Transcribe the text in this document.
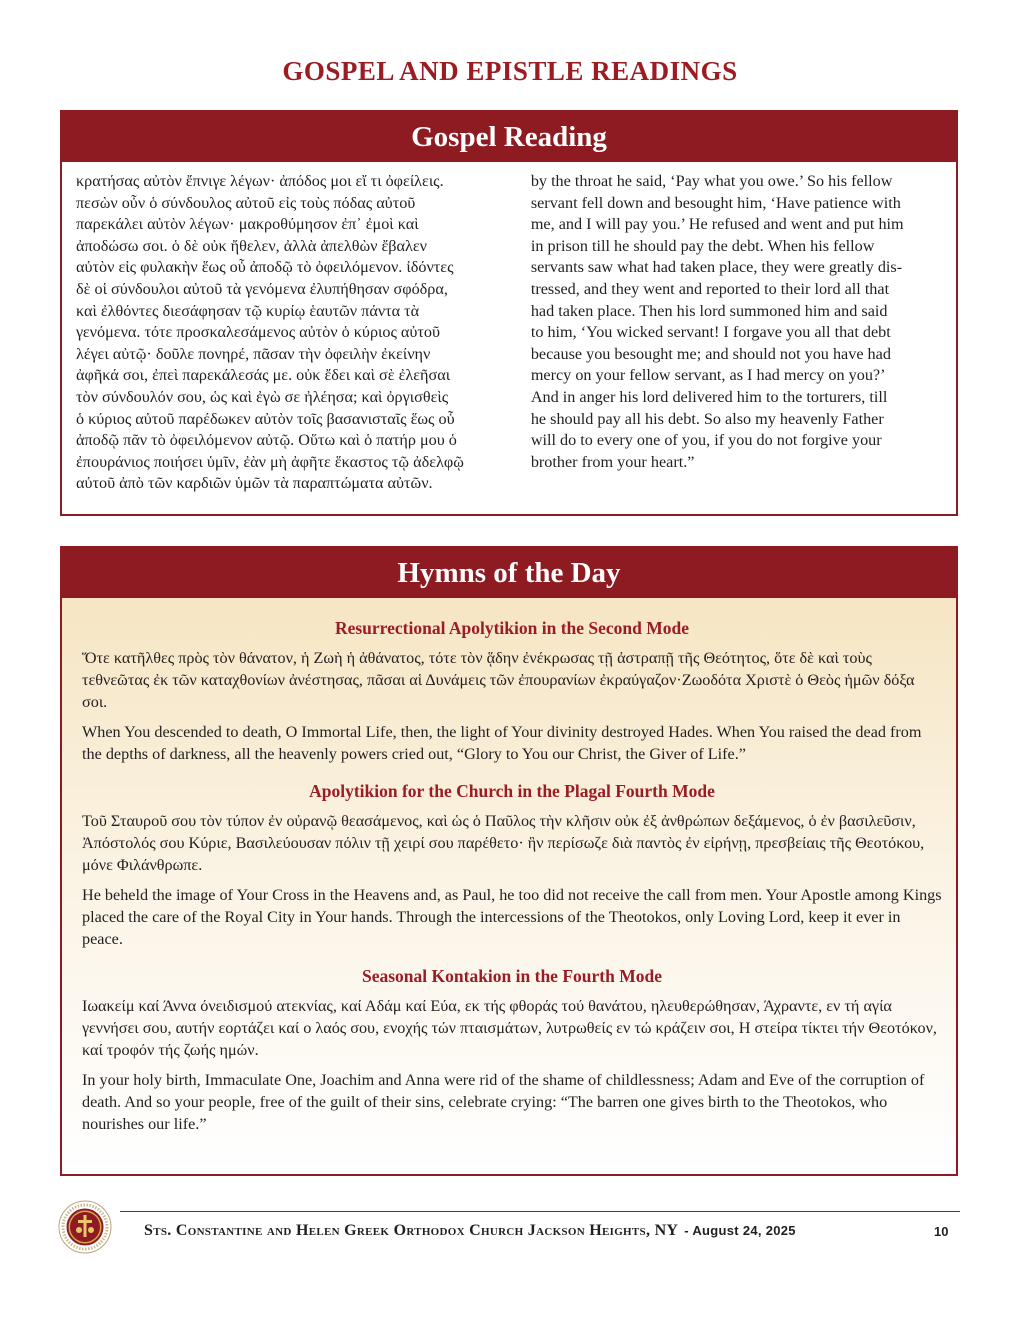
GOSPEL AND EPISTLE READINGS
Gospel Reading
κρατήσας αὐτὸν ἔπνιγε λέγων· ἀπόδος μοι εἴ τι ὀφείλεις.
πεσὼν οὖν ὁ σύνδουλος αὐτοῦ εἰς τοὺς πόδας αὐτοῦ
παρεκάλει αὐτὸν λέγων· μακροθύμησον ἐπ᾿ ἐμοὶ καὶ
ἀποδώσω σοι. ὁ δὲ οὐκ ἤθελεν, ἀλλὰ ἀπελθὼν ἔβαλεν
αὐτὸν εἰς φυλακὴν ἕως οὗ ἀποδῷ τὸ ὀφειλόμενον. ἰδόντες
δὲ οἱ σύνδουλοι αὐτοῦ τὰ γενόμενα ἐλυπήθησαν σφόδρα,
καὶ ἐλθόντες διεσάφησαν τῷ κυρίῳ ἑαυτῶν πάντα τὰ
γενόμενα. τότε προσκαλεσάμενος αὐτὸν ὁ κύριος αὐτοῦ
λέγει αὐτῷ· δοῦλε πονηρέ, πᾶσαν τὴν ὀφειλὴν ἐκείνην
ἀφῆκά σοι, ἐπεὶ παρεκάλεσάς με. οὐκ ἔδει καὶ σὲ ἐλεῆσαι
τὸν σύνδουλόν σου, ὡς καὶ ἐγὼ σε ἠλέησα; καὶ ὀργισθεὶς
ὁ κύριος αὐτοῦ παρέδωκεν αὐτὸν τοῖς βασανισταῖς ἕως οὗ
ἀποδῷ πᾶν τὸ ὀφειλόμενον αὐτῷ. Οὕτω καὶ ὁ πατήρ μου ὁ
ἐπουράνιος ποιήσει ὑμῖν, ἐὰν μὴ ἀφῆτε ἕκαστος τῷ ἀδελφῷ
αὐτοῦ ἀπὸ τῶν καρδιῶν ὑμῶν τὰ παραπτώματα αὐτῶν.
by the throat he said, ‘Pay what you owe.’ So his fellow
servant fell down and besought him, ‘Have patience with
me, and I will pay you.’ He refused and went and put him
in prison till he should pay the debt. When his fellow
servants saw what had taken place, they were greatly dis-
tressed, and they went and reported to their lord all that
had taken place. Then his lord summoned him and said
to him, ‘You wicked servant! I forgave you all that debt
because you besought me; and should not you have had
mercy on your fellow servant, as I had mercy on you?’
And in anger his lord delivered him to the torturers, till
he should pay all his debt. So also my heavenly Father
will do to every one of you, if you do not forgive your
brother from your heart.”
Hymns of the Day

Resurrectional Apolytikion in the Second Mode

Ὅτε κατῆλθες πρὸς τὸν θάνατον, ἡ Ζωὴ ἡ ἀθάνατος, τότε τὸν ᾅδην ἐνέκρωσας τῇ ἀστραπῇ τῆς Θεότητος, ὅτε δὲ καὶ τοὺς τεθνεῶτας ἐκ τῶν καταχθονίων ἀνέστησας, πᾶσαι αἱ Δυνάμεις τῶν ἐπουρανίων ἐκραύγαζον·Ζωοδότα Χριστὲ ὁ Θεὸς ἡμῶν δόξα σοι.

When You descended to death, O Immortal Life, then, the light of Your divinity destroyed Hades. When You raised the dead from the depths of darkness, all the heavenly powers cried out, “Glory to You our Christ, the Giver of Life.”

Apolytikion for the Church in the Plagal Fourth Mode

Τοῦ Σταυροῦ σου τὸν τύπον ἐν οὐρανῷ θεασάμενος, καὶ ὡς ὁ Παῦλος τὴν κλῆσιν οὐκ ἐξ ἀνθρώπων δεξάμενος, ὁ ἐν βασιλεῦσιν, Ἀπόστολός σου Κύριε, Βασιλεύουσαν πόλιν τῇ χειρί σου παρέθετο· ἣν περίσωζε διὰ παντὸς ἐν εἰρήνῃ, πρεσβείαις τῆς Θεοτόκου, μόνε Φιλάνθρωπε.

He beheld the image of Your Cross in the Heavens and, as Paul, he too did not receive the call from men. Your Apostle among Kings placed the care of the Royal City in Your hands. Through the intercessions of the Theotokos, only Loving Lord, keep it ever in peace.

Seasonal Kontakion in the Fourth Mode

Ιωακείμ καί Άννα όνειδισμού ατεκνίας, καί Αδάμ καί Εύα, εκ τής φθοράς τού θανάτου, ηλευθερώθησαν, Άχραντε, εν τή αγία γεννήσει σου, αυτήν εορτάζει καί ο λαός σου, ενοχής τών πταισμάτων, λυτρωθείς εν τώ κράζειν σοι, Η στείρα τίκτει τήν Θεοτόκον, καί τροφόν τής ζωής ημών.

In your holy birth, Immaculate One, Joachim and Anna were rid of the shame of childlessness; Adam and Eve of the corruption of death. And so your people, free of the guilt of their sins, celebrate crying: “The barren one gives birth to the Theotokos, who nourishes our life.”

Sts. Constantine and Helen Greek Orthodox Church Jackson Heights, NY - August 24, 2025	10
